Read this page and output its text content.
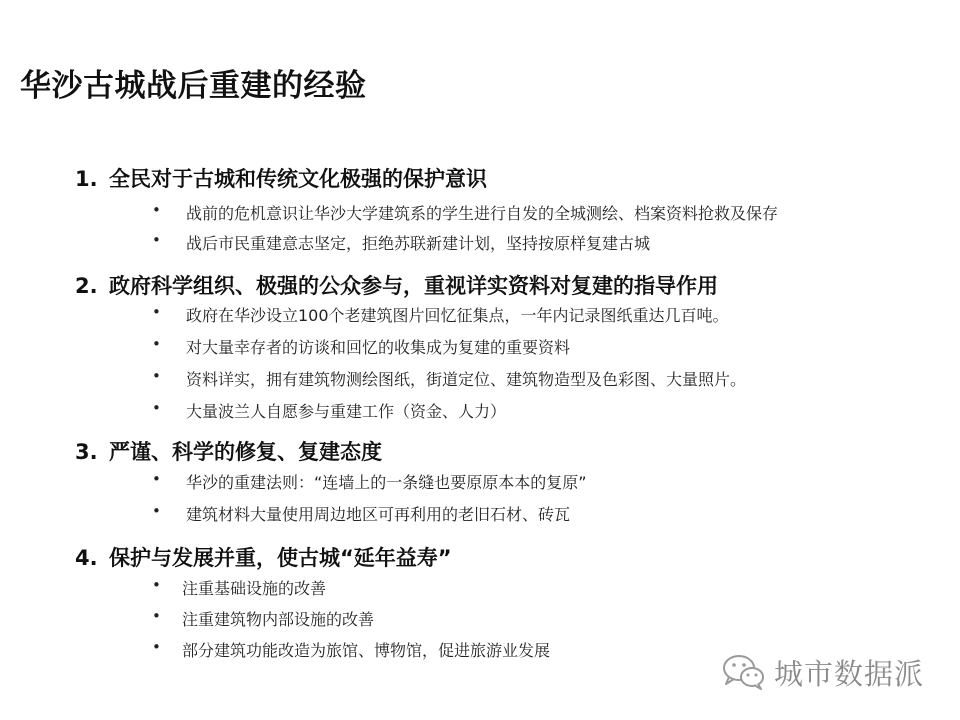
华沙古城战后重建的经验
1. 全民对于古城和传统文化极强的保护意识
• 战前的危机意识让华沙大学建筑系的学生进行自发的全城测绘、档案资料抢救及保存
• 战后市民重建意志坚定，拒绝苏联新建计划，坚持按原样复建古城
2. 政府科学组织、极强的公众参与，重视详实资料对复建的指导作用
• 政府在华沙设立100个老建筑图片回忆征集点，一年内记录图纸重达几百吨。
• 对大量幸存者的访谈和回忆的收集成为复建的重要资料
• 资料详实，拥有建筑物测绘图纸，街道定位、建筑物造型及色彩图、大量照片。
• 大量波兰人自愿参与重建工作（资金、人力）
3. 严谨、科学的修复、复建态度
• 华沙的重建法则：“连墙上的一条缝也要原原本本的复原”
• 建筑材料大量使用周边地区可再利用的老旧石材、砖瓦
4. 保护与发展并重，使古城“延年益寿”
• 注重基础设施的改善
• 注重建筑物内部设施的改善
• 部分建筑功能改造为旅馆、博物馆，促进旅游业发展
城市数据派
